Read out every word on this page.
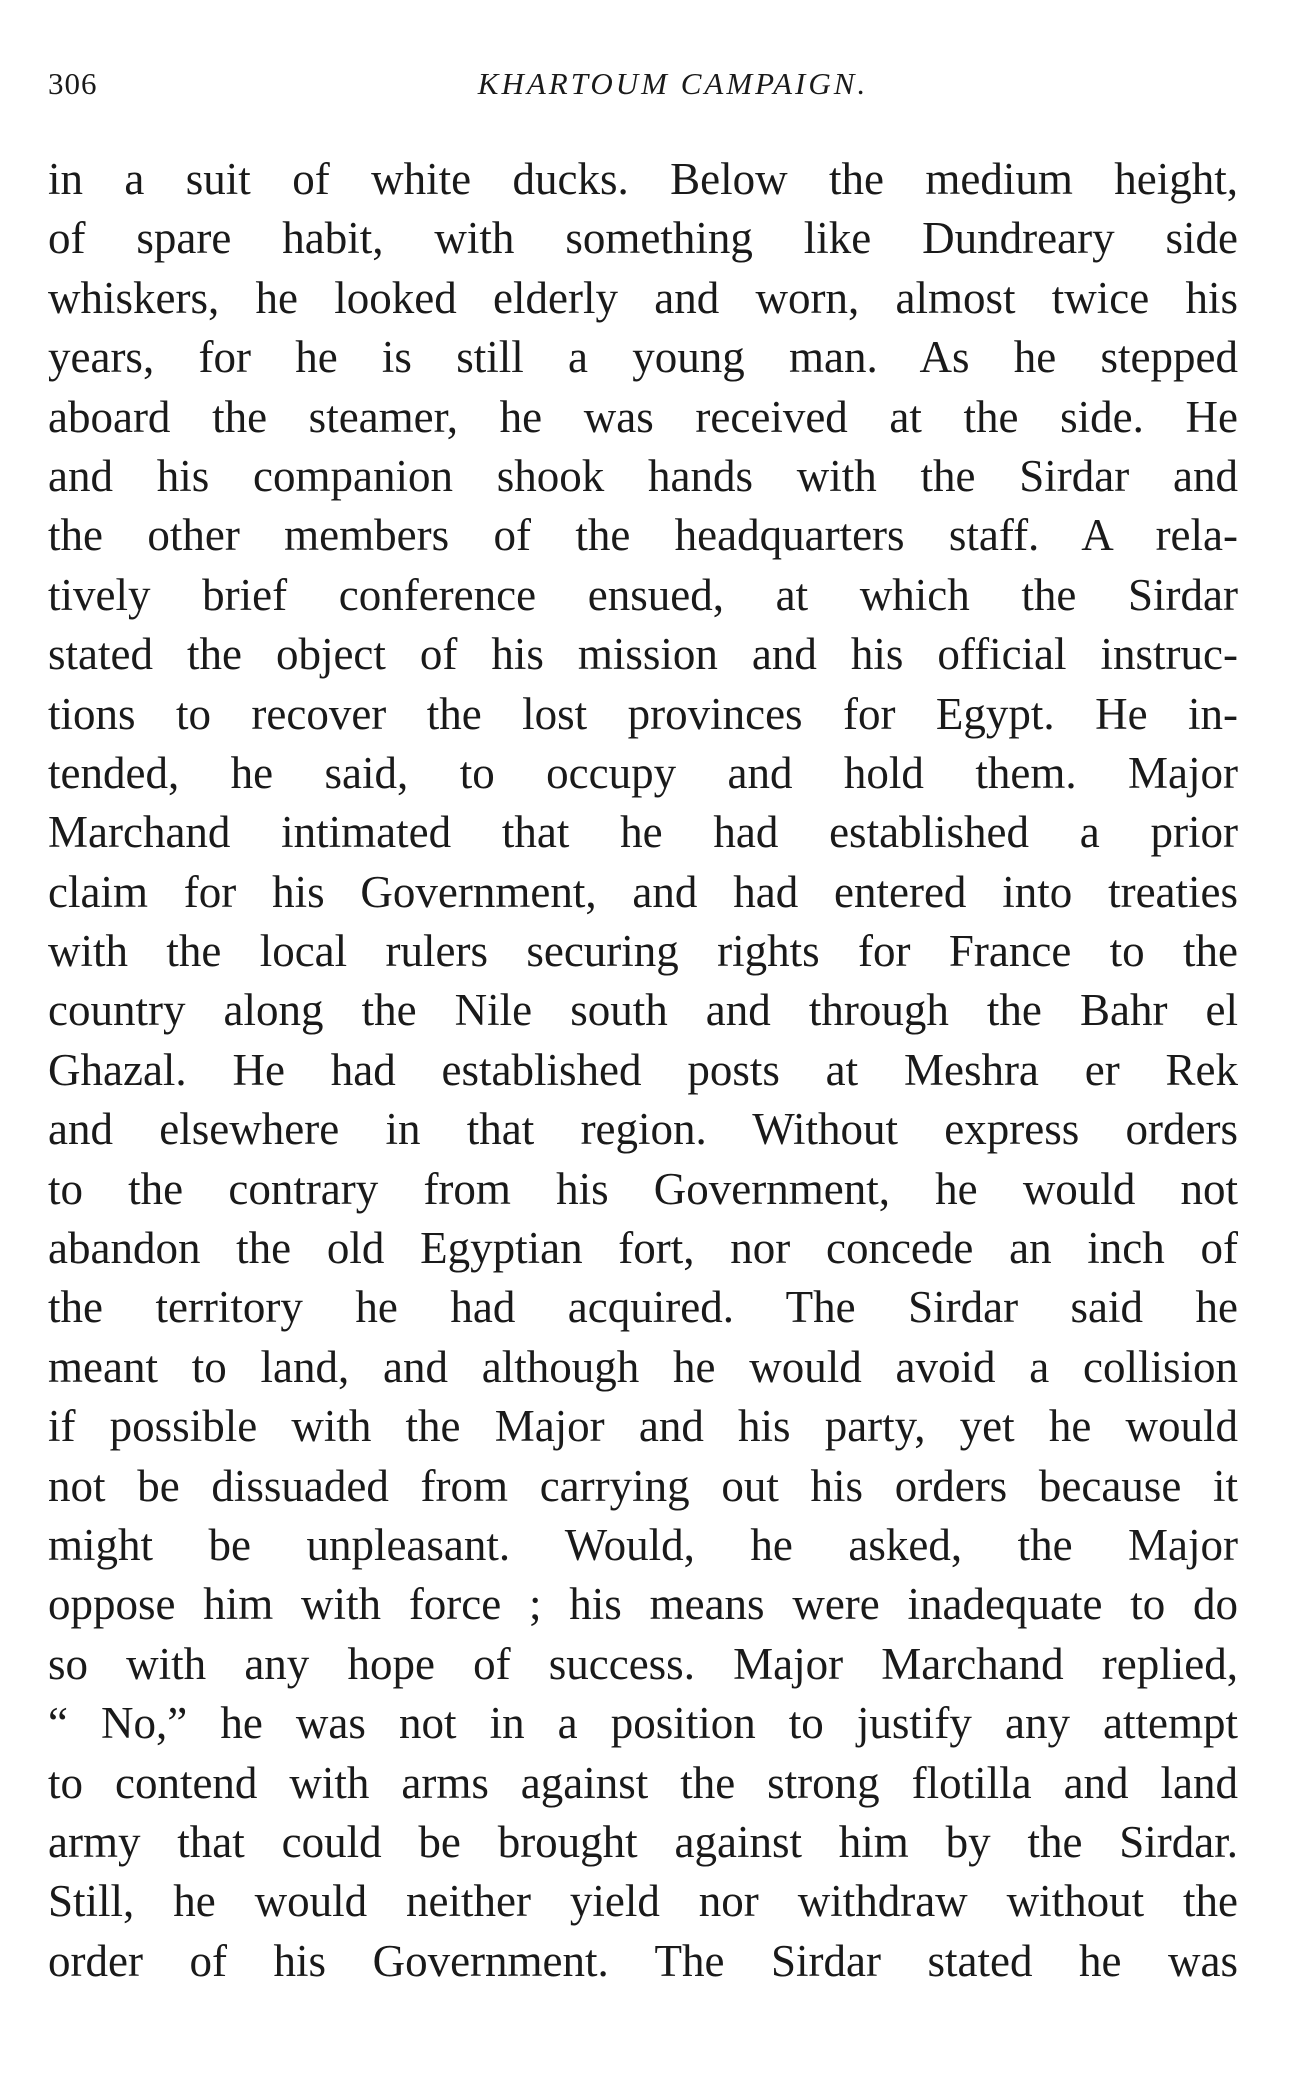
306	KHARTOUM CAMPAIGN.
in a suit of white ducks. Below the medium height,
of spare habit, with something like Dundreary side
whiskers, he looked elderly and worn, almost twice his
years, for he is still a young man. As he stepped
aboard the steamer, he was received at the side. He
and his companion shook hands with the Sirdar and
the other members of the headquarters staff. A rela-
tively brief conference ensued, at which the Sirdar
stated the object of his mission and his official instruc-
tions to recover the lost provinces for Egypt. He in-
tended, he said, to occupy and hold them. Major
Marchand intimated that he had established a prior
claim for his Government, and had entered into treaties
with the local rulers securing rights for France to the
country along the Nile south and through the Bahr el
Ghazal. He had established posts at Meshra er Rek
and elsewhere in that region. Without express orders
to the contrary from his Government, he would not
abandon the old Egyptian fort, nor concede an inch of
the territory he had acquired. The Sirdar said he
meant to land, and although he would avoid a collision
if possible with the Major and his party, yet he would
not be dissuaded from carrying out his orders because it
might be unpleasant. Would, he asked, the Major
oppose him with force ; his means were inadequate to do
so with any hope of success. Major Marchand replied,
“ No,” he was not in a position to justify any attempt
to contend with arms against the strong flotilla and land
army that could be brought against him by the Sirdar.
Still, he would neither yield nor withdraw without the
order of his Government. The Sirdar stated he was
